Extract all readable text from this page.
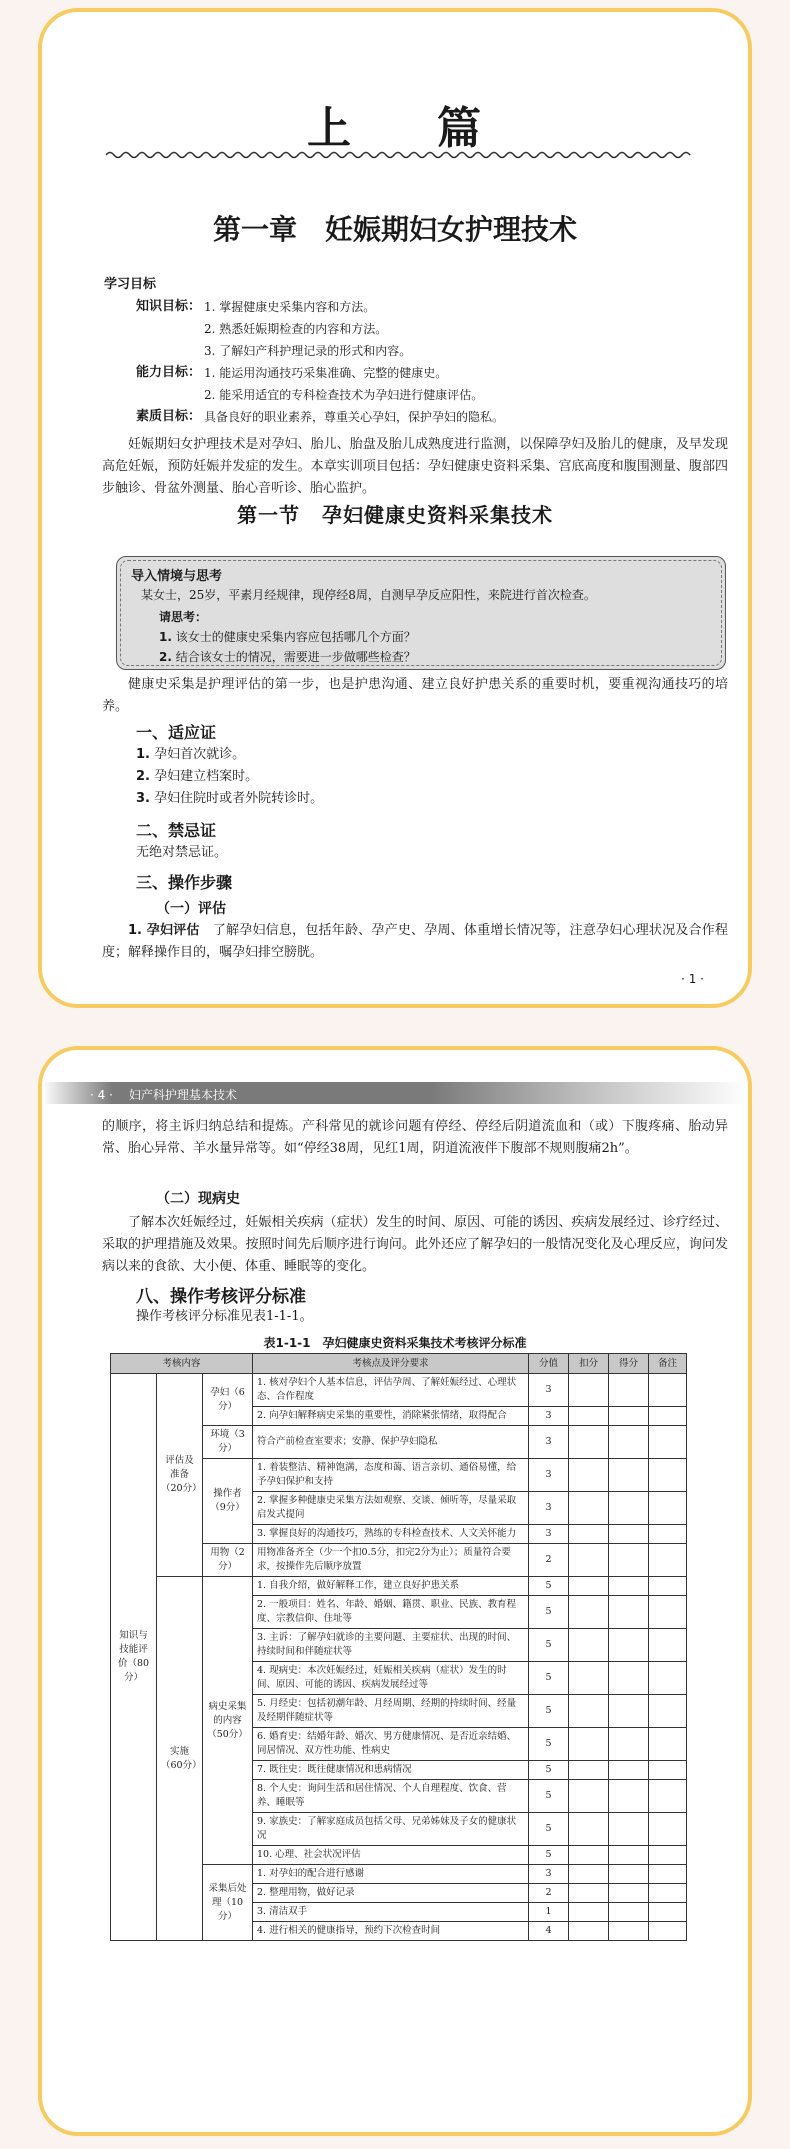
上 篇
第一章　妊娠期妇女护理技术
学习目标
知识目标： 1. 掌握健康史采集内容和方法。
2. 熟悉妊娠期检查的内容和方法。
3. 了解妇产科护理记录的形式和内容。
能力目标： 1. 能运用沟通技巧采集准确、完整的健康史。
2. 能采用适宜的专科检查技术为孕妇进行健康评估。
素质目标： 具备良好的职业素养，尊重关心孕妇，保护孕妇的隐私。
妊娠期妇女护理技术是对孕妇、胎儿、胎盘及胎儿成熟度进行监测，以保障孕妇及胎儿的健康，及早发现高危妊娠，预防妊娠并发症的发生。本章实训项目包括：孕妇健康史资料采集、宫底高度和腹围测量、腹部四步触诊、骨盆外测量、胎心音听诊、胎心监护。
第一节 孕妇健康史资料采集技术
导入情境与思考
某女士，25岁，平素月经规律，现停经8周，自测早孕反应阳性，来院进行首次检查。
请思考：
1. 该女士的健康史采集内容应包括哪几个方面？
2. 结合该女士的情况，需要进一步做哪些检查？
健康史采集是护理评估的第一步，也是护患沟通、建立良好护患关系的重要时机，要重视沟通技巧的培养。
一、适应证
1. 孕妇首次就诊。
2. 孕妇建立档案时。
3. 孕妇住院时或者外院转诊时。
二、禁忌证
无绝对禁忌证。
三、操作步骤
（一）评估
1. 孕妇评估　 了解孕妇信息，包括年龄、孕产史、孕周、体重增长情况等，注意孕妇心理状况及合作程度；解释操作目的，嘱孕妇排空膀胱。
· 1 ·
· 4 · 妇产科护理基本技术
的顺序，将主诉归纳总结和提炼。产科常见的就诊问题有停经、停经后阴道流血和（或）下腹疼痛、胎动异常、胎心异常、羊水量异常等。如“停经38周，见红1周，阴道流液伴下腹部不规则腹痛2h”。
（二）现病史
了解本次妊娠经过，妊娠相关疾病（症状）发生的时间、原因、可能的诱因、疾病发展经过、诊疗经过、采取的护理措施及效果。按照时间先后顺序进行询问。此外还应了解孕妇的一般情况变化及心理反应，询问发病以来的食欲、大小便、体重、睡眠等的变化。
八、操作考核评分标准
操作考核评分标准见表1-1-1。
表1-1-1　孕妇健康史资料采集技术考核评分标准
考核内容			考核点及评分要求	分值	扣分	得分	备注
知识与技能评价（80分）	评估及准备（20分）	孕妇（6分）	1. 核对孕妇个人基本信息，评估孕周、了解妊娠经过、心理状态、合作程度	3			
			2. 向孕妇解释病史采集的重要性，消除紧张情绪，取得配合	3			
		环境（3分）	符合产前检查室要求；安静、保护孕妇隐私	3			
		操作者（9分）	1. 着装整洁、精神饱满，态度和蔼、语言亲切、通俗易懂，给予孕妇保护和支持	3			
			2. 掌握多种健康史采集方法如观察、交谈、倾听等，尽量采取启发式提问	3			
			3. 掌握良好的沟通技巧，熟练的专科检查技术、人文关怀能力	3			
		用物（2分）	用物准备齐全（少一个扣0.5分，扣完2分为止）；质量符合要求，按操作先后顺序放置	2			
	实施（60分）	病史采集的内容（50分）	1. 自我介绍，做好解释工作，建立良好护患关系	5			
			2. 一般项目：姓名、年龄、婚姻、籍贯、职业、民族、教育程度、宗教信仰、住址等	5			
			3. 主诉：了解孕妇就诊的主要问题、主要症状、出现的时间、持续时间和伴随症状等	5			
			4. 现病史：本次妊娠经过，妊娠相关疾病（症状）发生的时间、原因、可能的诱因、疾病发展经过等	5			
			5. 月经史：包括初潮年龄、月经周期、经期的持续时间、经量及经期伴随症状等	5			
			6. 婚育史：结婚年龄、婚次、男方健康情况、是否近亲结婚、同居情况、双方性功能、性病史	5			
			7. 既往史：既往健康情况和患病情况	5			
			8. 个人史：询问生活和居住情况、个人自理程度、饮食、营养、睡眠等	5			
			9. 家族史：了解家庭成员包括父母、兄弟姊妹及子女的健康状况	5			
			10. 心理、社会状况评估	5			
		采集后处理（10分）	1. 对孕妇的配合进行感谢	3			
			2. 整理用物，做好记录	2			
			3. 清洁双手	1			
			4. 进行相关的健康指导，预约下次检查时间	4			
